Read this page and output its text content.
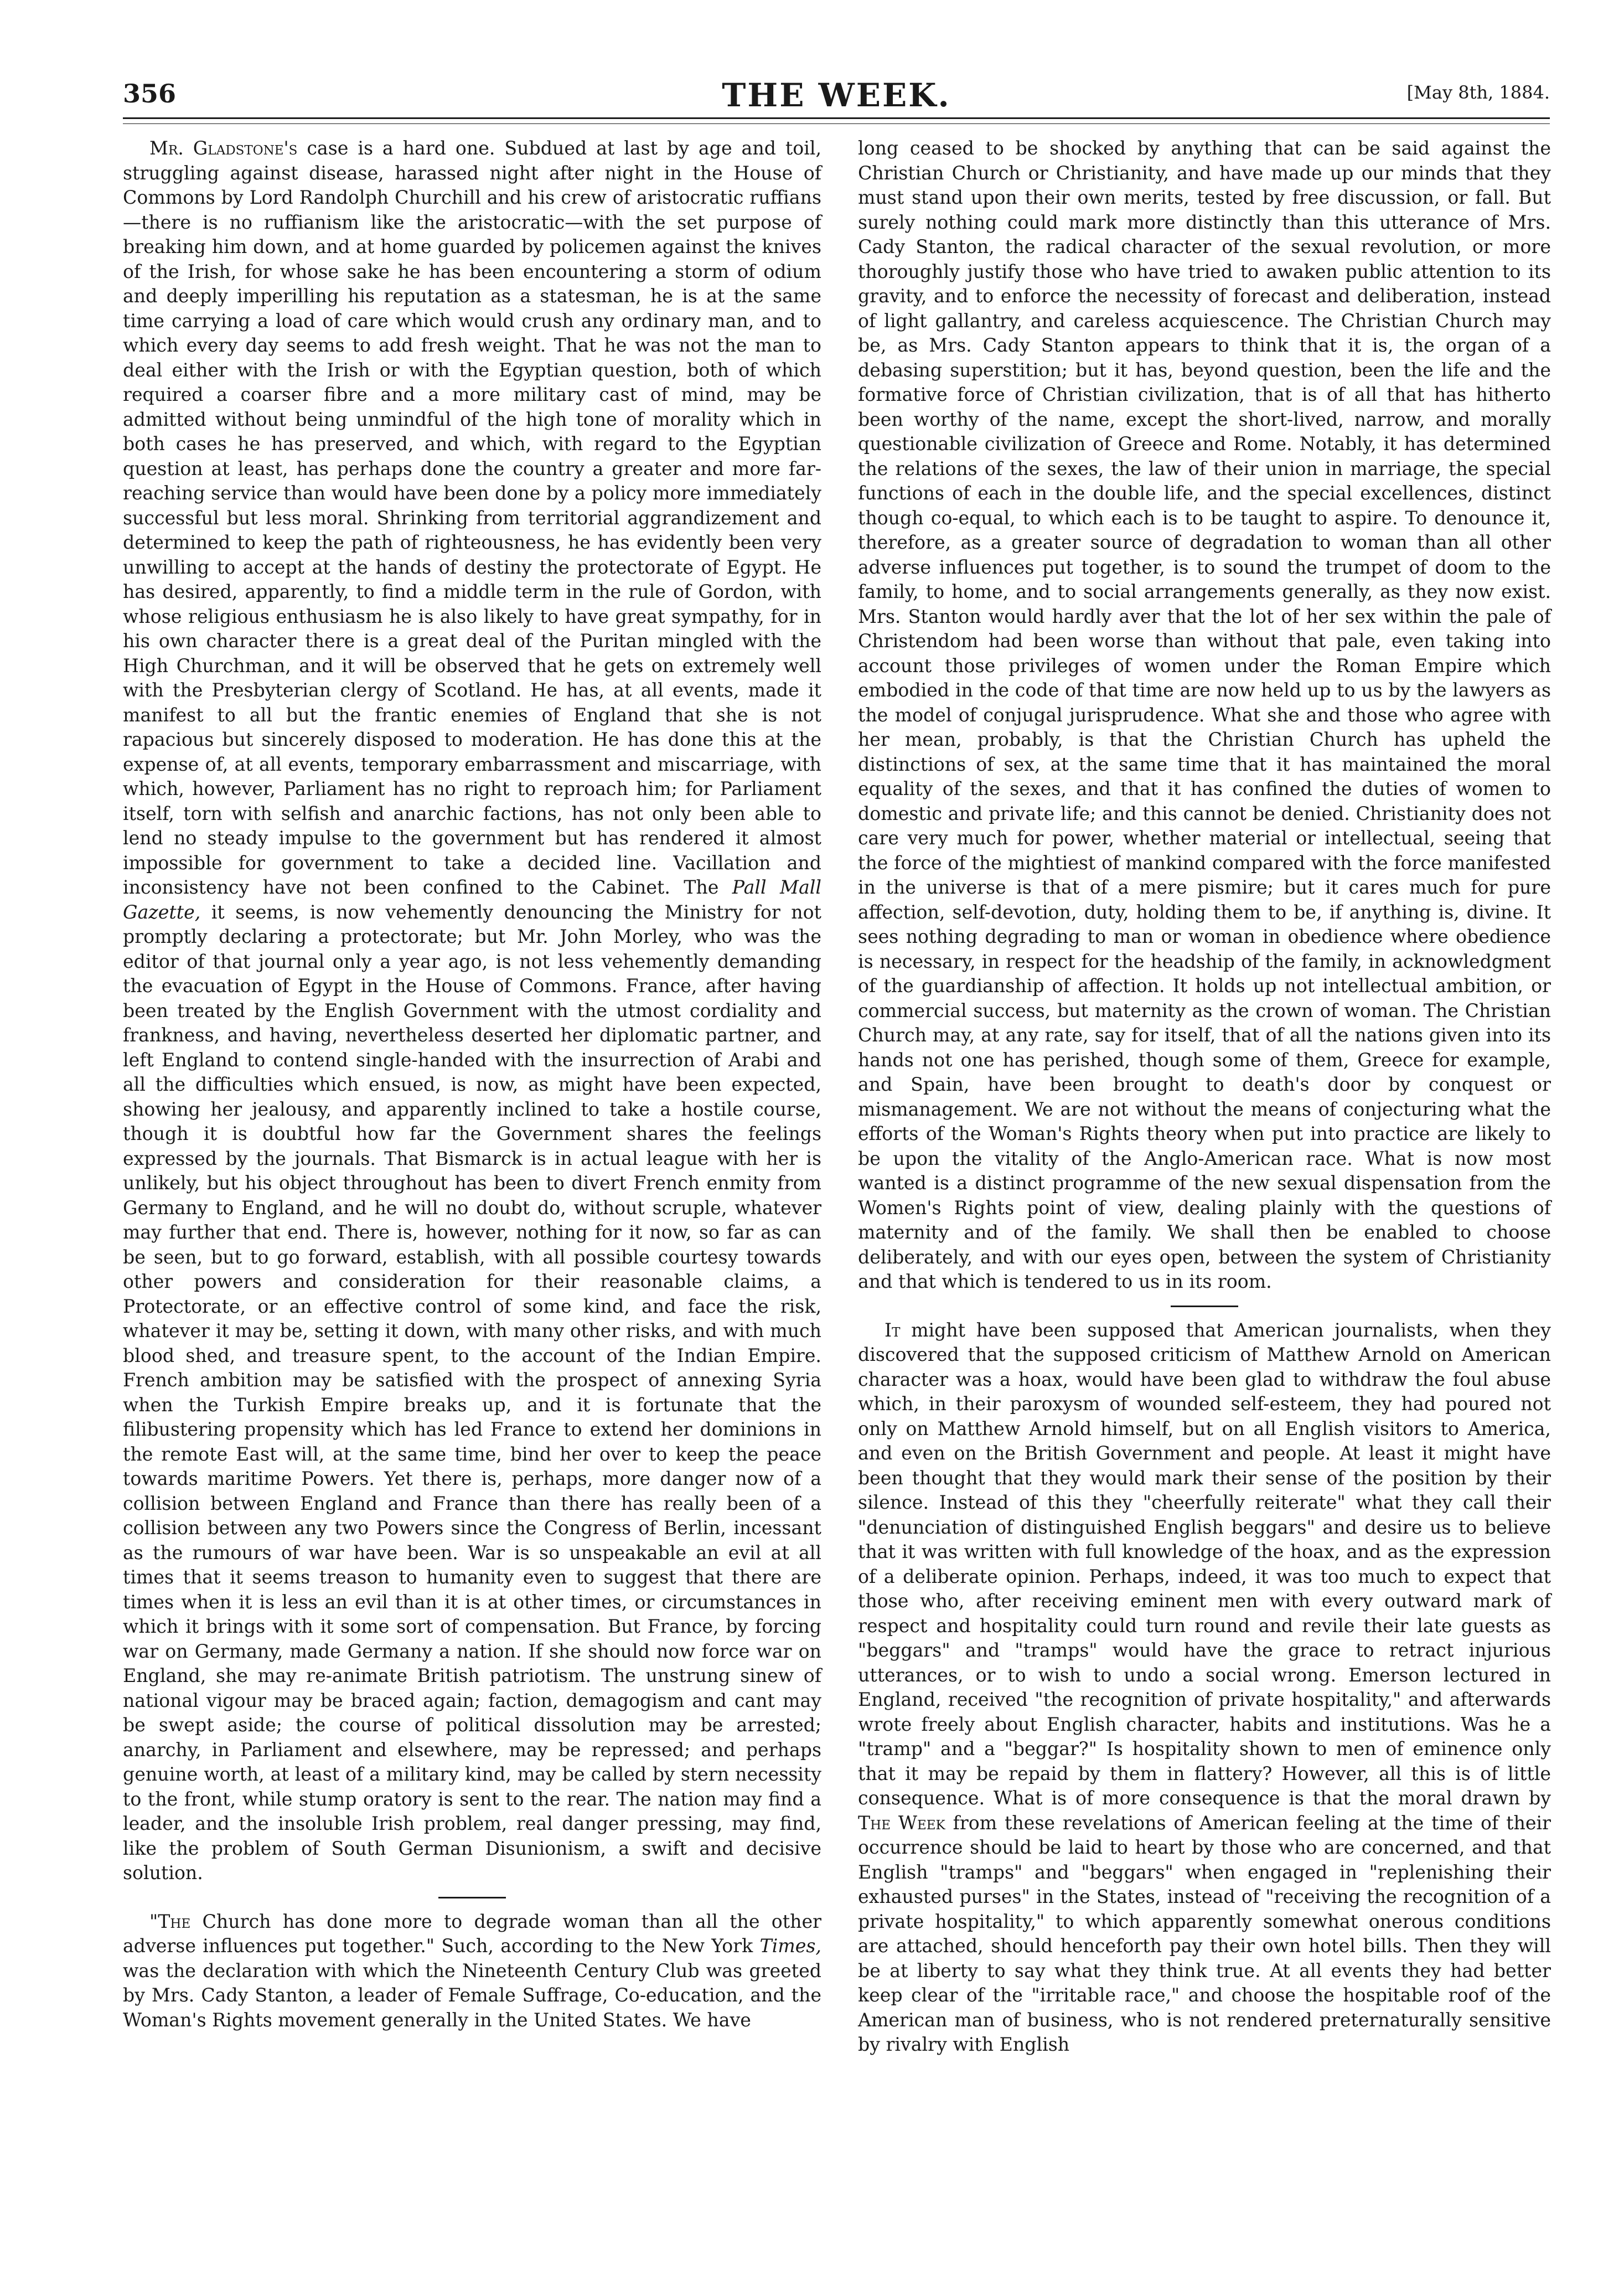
356	THE WEEK.	[May 8th, 1884.

Mr. Gladstone's case is a hard one. Subdued at last by age and toil, struggling against disease, harassed night after night in the House of Commons by Lord Randolph Churchill and his crew of aristocratic ruffians —there is no ruffianism like the aristocratic—with the set purpose of breaking him down, and at home guarded by policemen against the knives of the Irish, for whose sake he has been encountering a storm of odium and deeply imperilling his reputation as a statesman, he is at the same time carrying a load of care which would crush any ordinary man, and to which every day seems to add fresh weight. That he was not the man to deal either with the Irish or with the Egyptian question, both of which required a coarser fibre and a more military cast of mind, may be admitted without being unmindful of the high tone of morality which in both cases he has preserved, and which, with regard to the Egyptian question at least, has perhaps done the country a greater and more far-reaching service than would have been done by a policy more immediately successful but less moral. Shrinking from territorial aggrandizement and determined to keep the path of righteousness, he has evidently been very unwilling to accept at the hands of destiny the protectorate of Egypt. He has desired, apparently, to find a middle term in the rule of Gordon, with whose religious enthusiasm he is also likely to have great sympathy, for in his own character there is a great deal of the Puritan mingled with the High Churchman, and it will be observed that he gets on extremely well with the Presbyterian clergy of Scotland. He has, at all events, made it manifest to all but the frantic enemies of England that she is not rapacious but sincerely disposed to moderation. He has done this at the expense of, at all events, temporary embarrassment and miscarriage, with which, however, Parliament has no right to reproach him; for Parliament itself, torn with selfish and anarchic factions, has not only been able to lend no steady impulse to the government but has rendered it almost impossible for government to take a decided line. Vacillation and inconsistency have not been confined to the Cabinet. The Pall Mall Gazette, it seems, is now vehemently denouncing the Ministry for not promptly declaring a protectorate; but Mr. John Morley, who was the editor of that journal only a year ago, is not less vehemently demanding the evacuation of Egypt in the House of Commons. France, after having been treated by the English Government with the utmost cordiality and frankness, and having, nevertheless deserted her diplomatic partner, and left England to contend single-handed with the insurrection of Arabi and all the difficulties which ensued, is now, as might have been expected, showing her jealousy, and apparently inclined to take a hostile course, though it is doubtful how far the Government shares the feelings expressed by the journals. That Bismarck is in actual league with her is unlikely, but his object throughout has been to divert French enmity from Germany to England, and he will no doubt do, without scruple, whatever may further that end. There is, however, nothing for it now, so far as can be seen, but to go forward, establish, with all possible courtesy towards other powers and consideration for their reasonable claims, a Protectorate, or an effective control of some kind, and face the risk, whatever it may be, setting it down, with many other risks, and with much blood shed, and treasure spent, to the account of the Indian Empire. French ambition may be satisfied with the prospect of annexing Syria when the Turkish Empire breaks up, and it is fortunate that the filibustering propensity which has led France to extend her dominions in the remote East will, at the same time, bind her over to keep the peace towards maritime Powers. Yet there is, perhaps, more danger now of a collision between England and France than there has really been of a collision between any two Powers since the Congress of Berlin, incessant as the rumours of war have been. War is so unspeakable an evil at all times that it seems treason to humanity even to suggest that there are times when it is less an evil than it is at other times, or circumstances in which it brings with it some sort of compensation. But France, by forcing war on Germany, made Germany a nation. If she should now force war on England, she may re-animate British patriotism. The unstrung sinew of national vigour may be braced again; faction, demagogism and cant may be swept aside; the course of political dissolution may be arrested; anarchy, in Parliament and elsewhere, may be repressed; and perhaps genuine worth, at least of a military kind, may be called by stern necessity to the front, while stump oratory is sent to the rear. The nation may find a leader, and the insoluble Irish problem, real danger pressing, may find, like the problem of South German Disunionism, a swift and decisive solution.

"The Church has done more to degrade woman than all the other adverse influences put together." Such, according to the New York Times, was the declaration with which the Nineteenth Century Club was greeted by Mrs. Cady Stanton, a leader of Female Suffrage, Co-education, and the Woman's Rights movement generally in the United States. We have

long ceased to be shocked by anything that can be said against the Christian Church or Christianity, and have made up our minds that they must stand upon their own merits, tested by free discussion, or fall. But surely nothing could mark more distinctly than this utterance of Mrs. Cady Stanton, the radical character of the sexual revolution, or more thoroughly justify those who have tried to awaken public attention to its gravity, and to enforce the necessity of forecast and deliberation, instead of light gallantry, and careless acquiescence. The Christian Church may be, as Mrs. Cady Stanton appears to think that it is, the organ of a debasing superstition; but it has, beyond question, been the life and the formative force of Christian civilization, that is of all that has hitherto been worthy of the name, except the short-lived, narrow, and morally questionable civilization of Greece and Rome. Notably, it has determined the relations of the sexes, the law of their union in marriage, the special functions of each in the double life, and the special excellences, distinct though co-equal, to which each is to be taught to aspire. To denounce it, therefore, as a greater source of degradation to woman than all other adverse influences put together, is to sound the trumpet of doom to the family, to home, and to social arrangements generally, as they now exist. Mrs. Stanton would hardly aver that the lot of her sex within the pale of Christendom had been worse than without that pale, even taking into account those privileges of women under the Roman Empire which embodied in the code of that time are now held up to us by the lawyers as the model of conjugal jurisprudence. What she and those who agree with her mean, probably, is that the Christian Church has upheld the distinctions of sex, at the same time that it has maintained the moral equality of the sexes, and that it has confined the duties of women to domestic and private life; and this cannot be denied. Christianity does not care very much for power, whether material or intellectual, seeing that the force of the mightiest of mankind compared with the force manifested in the universe is that of a mere pismire; but it cares much for pure affection, self-devotion, duty, holding them to be, if anything is, divine. It sees nothing degrading to man or woman in obedience where obedience is necessary, in respect for the headship of the family, in acknowledgment of the guardianship of affection. It holds up not intellectual ambition, or commercial success, but maternity as the crown of woman. The Christian Church may, at any rate, say for itself, that of all the nations given into its hands not one has perished, though some of them, Greece for example, and Spain, have been brought to death's door by conquest or mismanagement. We are not without the means of conjecturing what the efforts of the Woman's Rights theory when put into practice are likely to be upon the vitality of the Anglo-American race. What is now most wanted is a distinct programme of the new sexual dispensation from the Women's Rights point of view, dealing plainly with the questions of maternity and of the family. We shall then be enabled to choose deliberately, and with our eyes open, between the system of Christianity and that which is tendered to us in its room.

It might have been supposed that American journalists, when they discovered that the supposed criticism of Matthew Arnold on American character was a hoax, would have been glad to withdraw the foul abuse which, in their paroxysm of wounded self-esteem, they had poured not only on Matthew Arnold himself, but on all English visitors to America, and even on the British Government and people. At least it might have been thought that they would mark their sense of the position by their silence. Instead of this they "cheerfully reiterate" what they call their "denunciation of distinguished English beggars" and desire us to believe that it was written with full knowledge of the hoax, and as the expression of a deliberate opinion. Perhaps, indeed, it was too much to expect that those who, after receiving eminent men with every outward mark of respect and hospitality could turn round and revile their late guests as "beggars" and "tramps" would have the grace to retract injurious utterances, or to wish to undo a social wrong. Emerson lectured in England, received "the recognition of private hospitality," and afterwards wrote freely about English character, habits and institutions. Was he a "tramp" and a "beggar?" Is hospitality shown to men of eminence only that it may be repaid by them in flattery? However, all this is of little consequence. What is of more consequence is that the moral drawn by The Week from these revelations of American feeling at the time of their occurrence should be laid to heart by those who are concerned, and that English "tramps" and "beggars" when engaged in "replenishing their exhausted purses" in the States, instead of "receiving the recognition of a private hospitality," to which apparently somewhat onerous conditions are attached, should henceforth pay their own hotel bills. Then they will be at liberty to say what they think true. At all events they had better keep clear of the "irritable race," and choose the hospitable roof of the American man of business, who is not rendered preternaturally sensitive by rivalry with English
